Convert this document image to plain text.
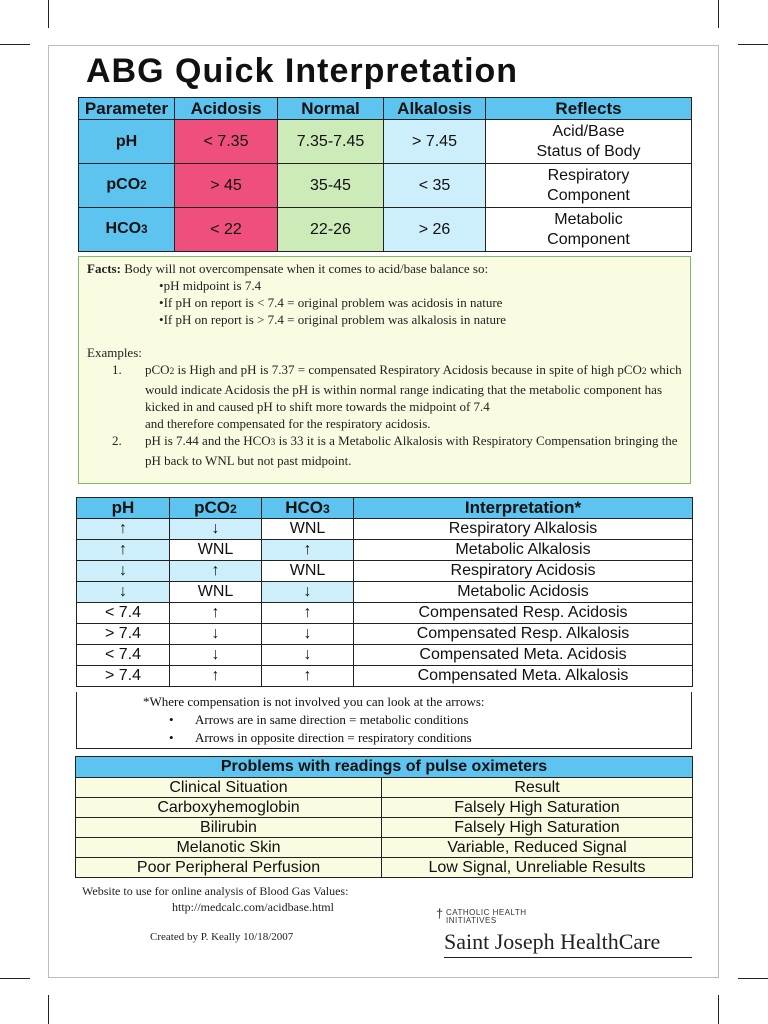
ABG Quick Interpretation
Parameter	Acidosis	Normal	Alkalosis	Reflects
pH	< 7.35	7.35-7.45	> 7.45	Acid/Base
Status of Body
pCO2	> 45	35-45	< 35	Respiratory
Component
HCO3	< 22	22-26	> 26	Metabolic
Component
Facts: Body will not overcompensate when it comes to acid/base balance so:
• pH midpoint is 7.4
• If pH on report is < 7.4 = original problem was acidosis in nature
• If pH on report is > 7.4 = original problem was alkalosis in nature
Examples:
1. pCO2 is High and pH is 7.37 = compensated Respiratory Acidosis because in spite of high pCO2 which would indicate Acidosis the pH is within normal range indicating that the metabolic component has kicked in and caused pH to shift more towards the midpoint of 7.4
and therefore compensated for the respiratory acidosis.
2. pH is 7.44 and the HCO3 is 33 it is a Metabolic Alkalosis with Respiratory Compensation bringing the pH back to WNL but not past midpoint.
pH	pCO2	HCO3	Interpretation*
↑	↓	WNL	Respiratory Alkalosis
↑	WNL	↑	Metabolic Alkalosis
↓	↑	WNL	Respiratory Acidosis
↓	WNL	↓	Metabolic Acidosis
< 7.4	↑	↑	Compensated Resp. Acidosis
> 7.4	↓	↓	Compensated Resp. Alkalosis
< 7.4	↓	↓	Compensated Meta. Acidosis
> 7.4	↑	↑	Compensated Meta. Alkalosis
*Where compensation is not involved you can look at the arrows:
• Arrows are in same direction = metabolic conditions
• Arrows in opposite direction = respiratory conditions
Problems with readings of pulse oximeters	
Clinical Situation	Result
Carboxyhemoglobin	Falsely High Saturation
Bilirubin	Falsely High Saturation
Melanotic Skin	Variable, Reduced Signal
Poor Peripheral Perfusion	Low Signal, Unreliable Results
Website to use for online analysis of Blood Gas Values:
http://medcalc.com/acidbase.html
Created by P. Keally 10/18/2007
† CATHOLIC HEALTH
INITIATIVES
Saint Joseph HealthCare
